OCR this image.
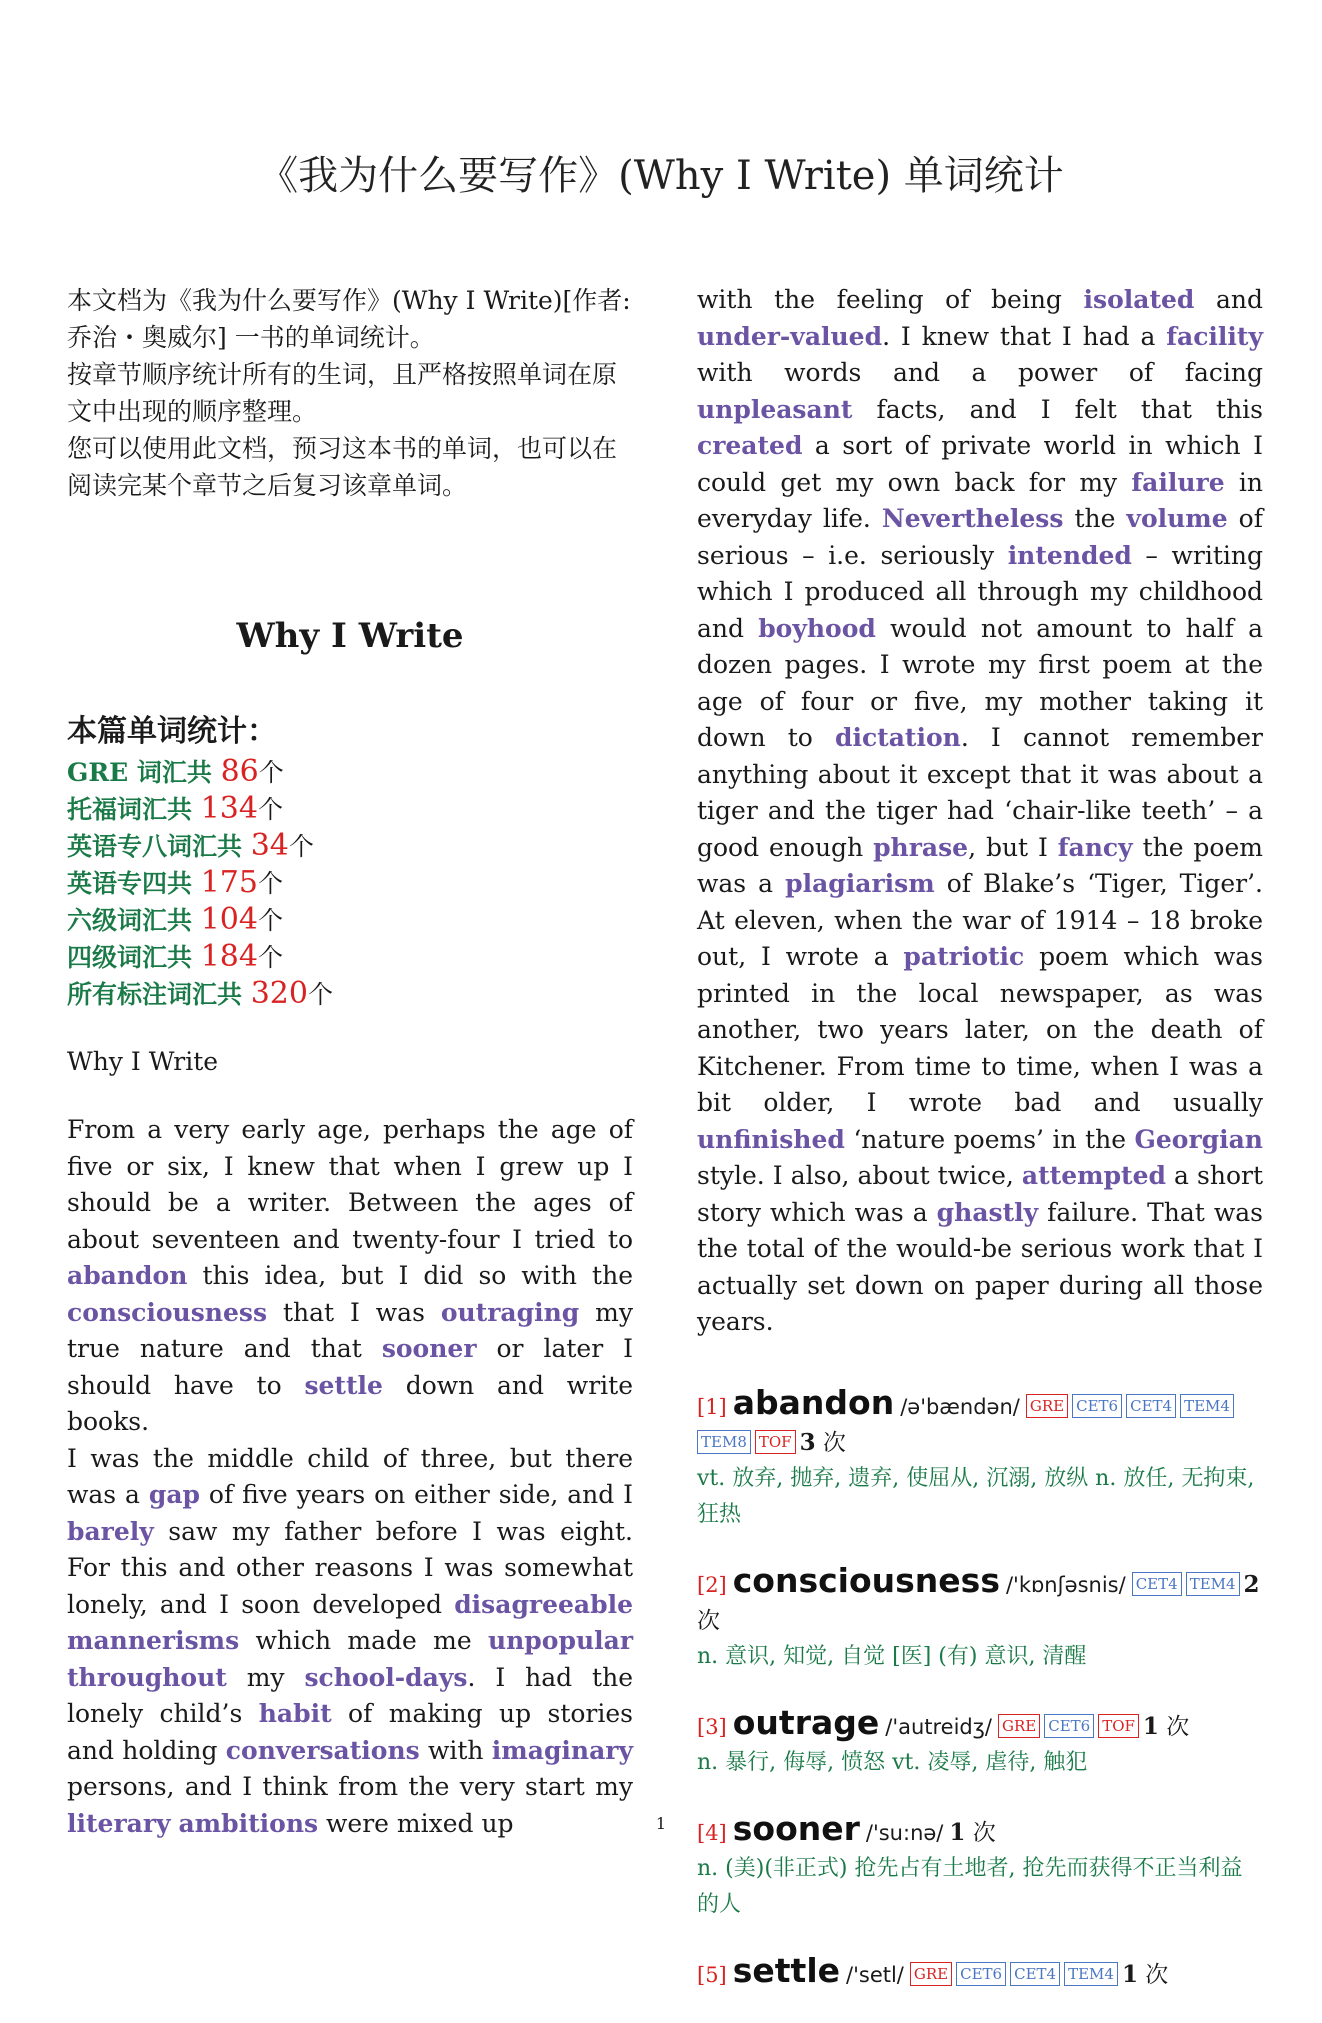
《我为什么要写作》(Why I Write) 单词统计

本文档为《我为什么要写作》(Why I Write)[作者: 乔治・奥威尔] 一书的单词统计。

按章节顺序统计所有的生词，且严格按照单词在原文中出现的顺序整理。

您可以使用此文档，预习这本书的单词，也可以在阅读完某个章节之后复习该章单词。

Why I Write
本篇单词统计：
GRE 词汇共 86个
托福词汇共 134个
英语专八词汇共 34个
英语专四共 175个
六级词汇共 104个
四级词汇共 184个
所有标注词汇共 320个
Why I Write

From a very early age, perhaps the age of five or six, I knew that when I grew up I should be a writer. Between the ages of about seventeen and twenty-four I tried to abandon this idea, but I did so with the consciousness that I was outraging my true nature and that sooner or later I should have to settle down and write books.

I was the middle child of three, but there was a gap of five years on either side, and I barely saw my father before I was eight. For this and other reasons I was somewhat lonely, and I soon developed disagreeable mannerisms which made me unpopular throughout my school-days. I had the lonely child’s habit of making up stories and holding conversations with imaginary persons, and I think from the very start my literary ambitions were mixed up

with the feeling of being isolated and under-valued. I knew that I had a facility with words and a power of facing unpleasant facts, and I felt that this created a sort of private world in which I could get my own back for my failure in everyday life. Nevertheless the volume of serious – i.e. seriously intended – writing which I produced all through my childhood and boyhood would not amount to half a dozen pages. I wrote my first poem at the age of four or five, my mother taking it down to dictation. I cannot remember anything about it except that it was about a tiger and the tiger had ‘chair-like teeth’ – a good enough phrase, but I fancy the poem was a plagiarism of Blake’s ‘Tiger, Tiger’. At eleven, when the war of 1914 – 18 broke out, I wrote a patriotic poem which was printed in the local newspaper, as was another, two years later, on the death of Kitchener. From time to time, when I was a bit older, I wrote bad and usually unfinished ‘nature poems’ in the Georgian style. I also, about twice, attempted a short story which was a ghastly failure. That was the total of the would-be serious work that I actually set down on paper during all those years.

[1] abandon /ə'bændən/ GRE CET6 CET4 TEM4TEM8 TOF 3 次
vt. 放弃, 抛弃, 遗弃, 使屈从, 沉溺, 放纵 n. 放任, 无拘束, 狂热
[2] consciousness /'kɒnʃəsnis/ CET4 TEM4 2 次
n. 意识, 知觉, 自觉 [医] (有) 意识, 清醒
[3] outrage /'autreidʒ/ GRE CET6 TOF 1 次
n. 暴行, 侮辱, 愤怒 vt. 凌辱, 虐待, 触犯
[4] sooner /'su:nə/ 1 次
n. (美)(非正式) 抢先占有土地者, 抢先而获得不正当利益的人
[5] settle /'setl/ GRE CET6 CET4 TEM4 1 次
1
